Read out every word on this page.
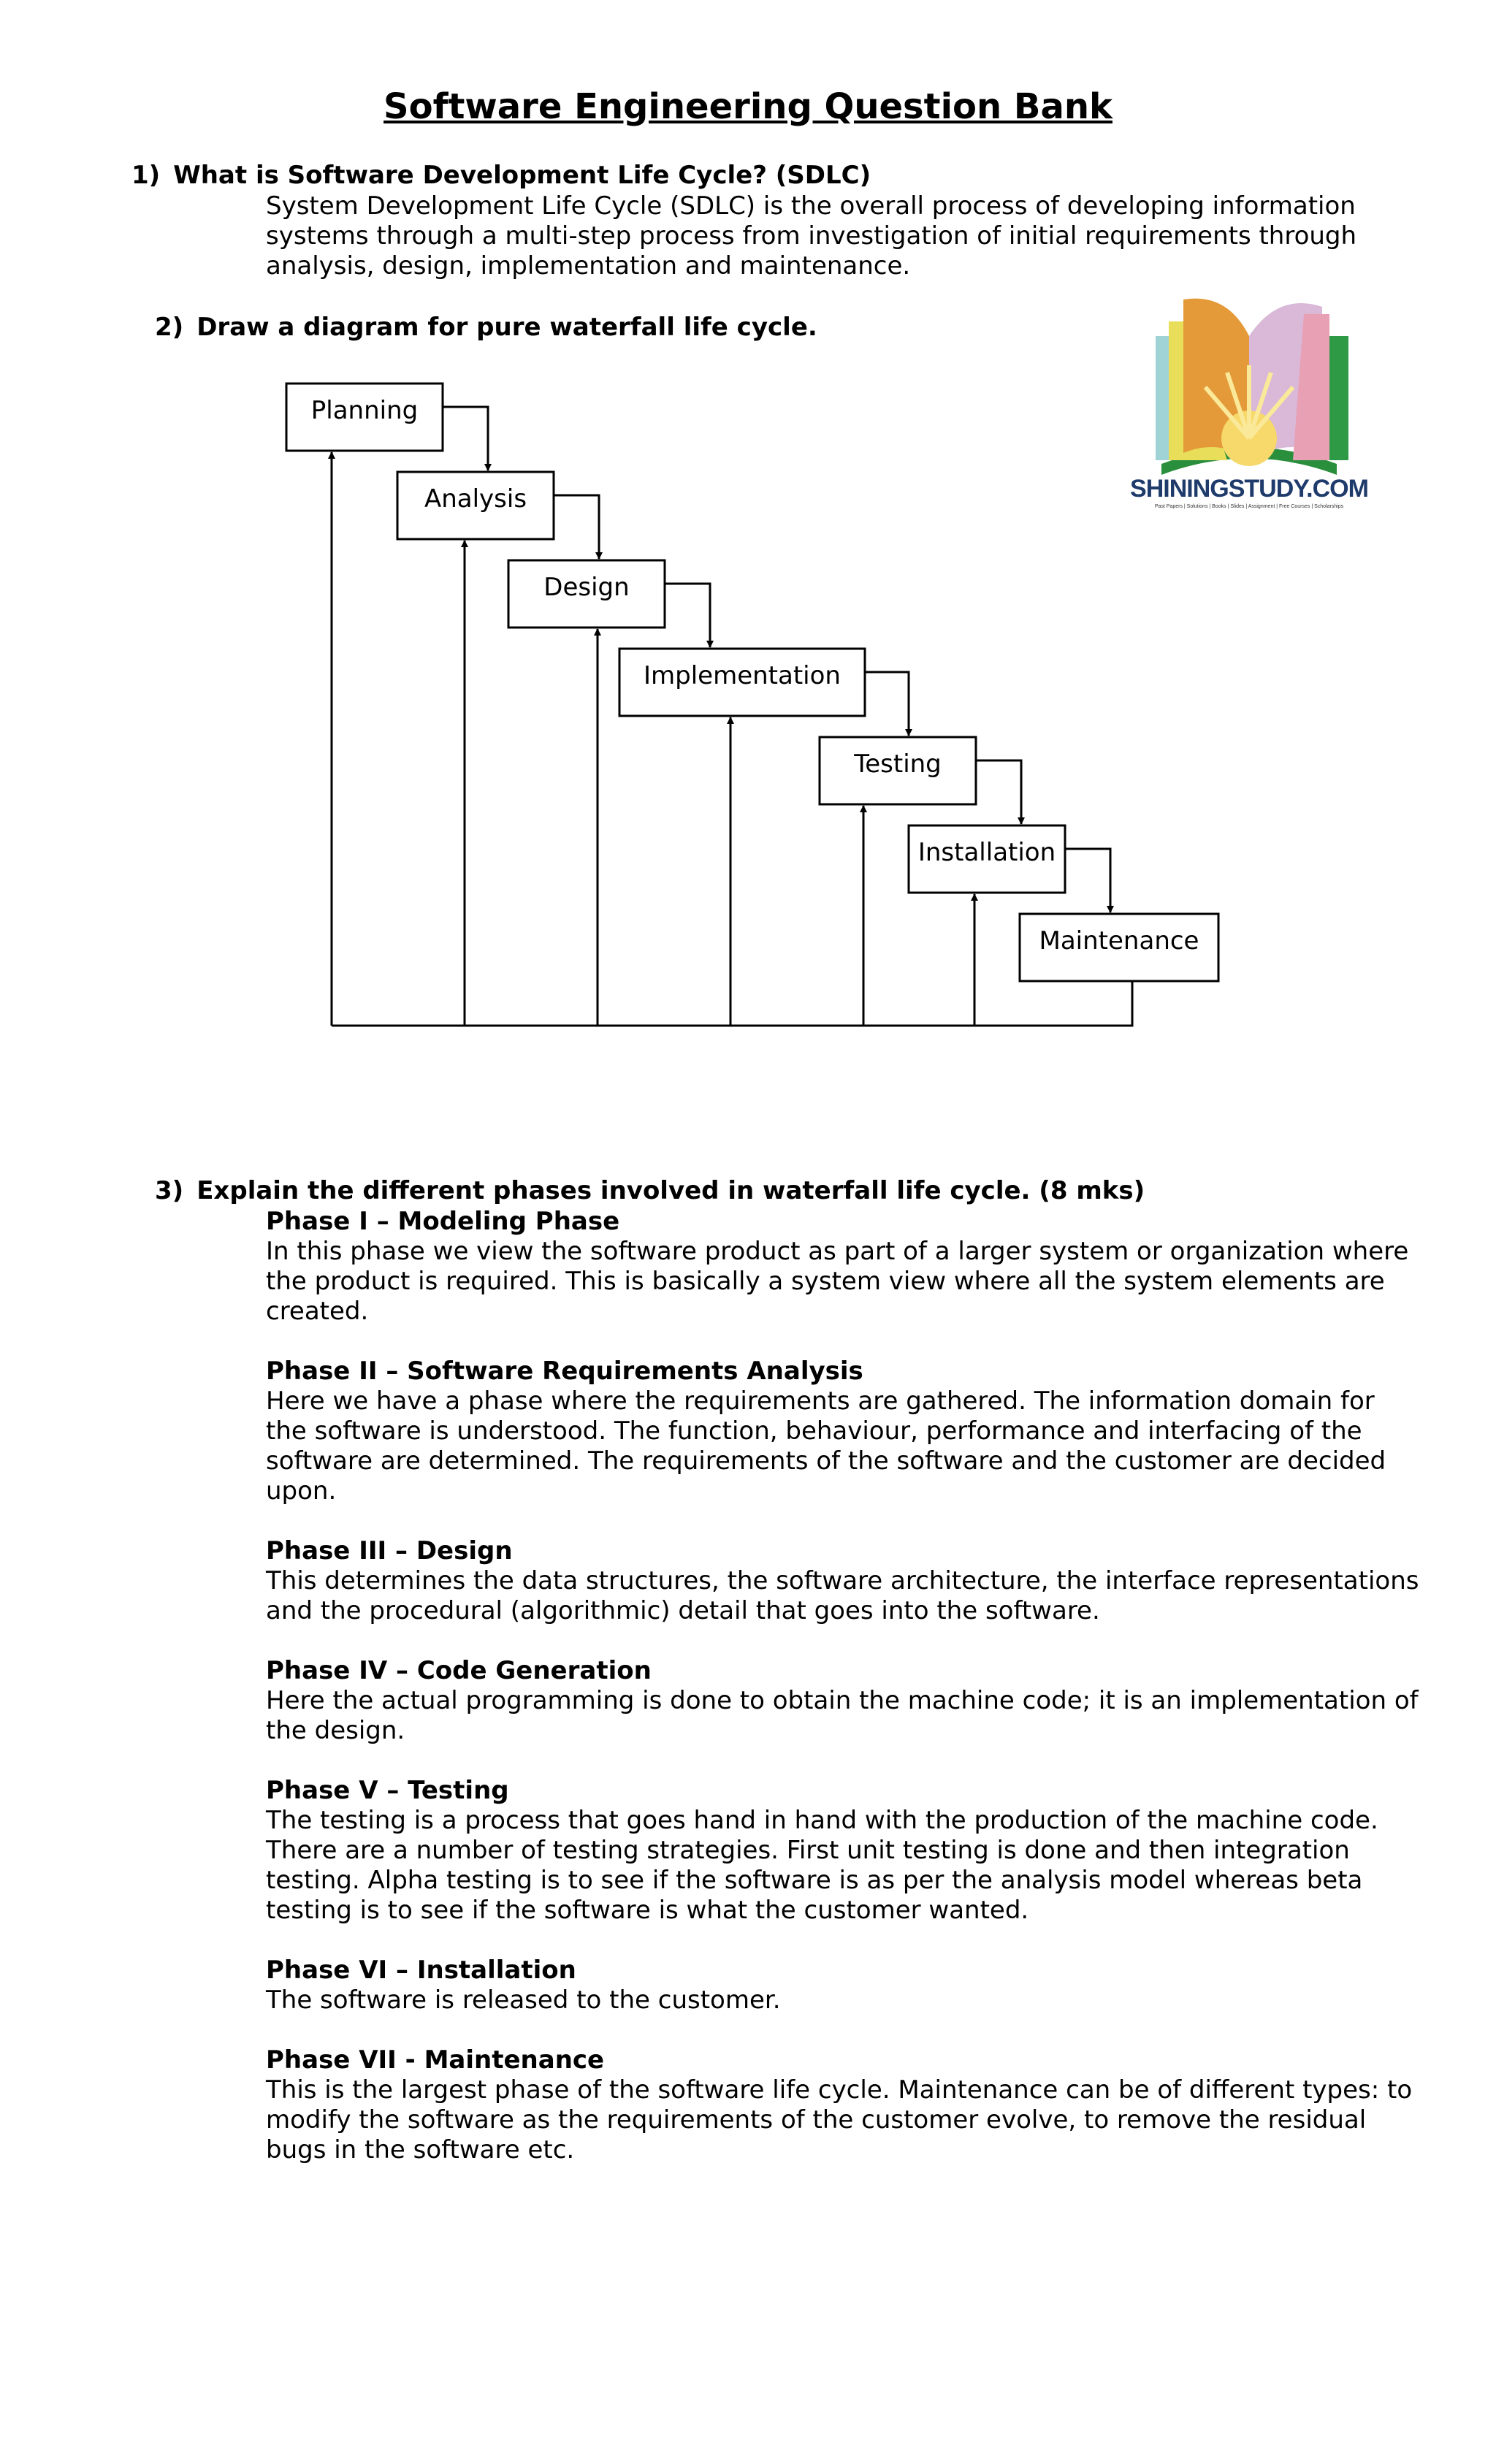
Software Engineering Question Bank
1) What is Software Development Life Cycle? (SDLC)

System Development Life Cycle (SDLC) is the overall process of developing information systems through a multi-step process from investigation of initial requirements through analysis, design, implementation and maintenance.

2) Draw a diagram for pure waterfall life cycle.
Planning
Analysis
Design
Implementation
Testing
Installation
Maintenance
SHININGSTUDY.COM
Past Papers | Solutions | Books | Slides | Assignment | Free Courses | Scholarships
3) Explain the different phases involved in waterfall life cycle. (8 mks)
Phase I – Modeling Phase
In this phase we view the software product as part of a larger system or organization where the product is required. This is basically a system view where all the system elements are created.
Phase II – Software Requirements Analysis
Here we have a phase where the requirements are gathered. The information domain for the software is understood. The function, behaviour, performance and interfacing of the software are determined. The requirements of the software and the customer are decided upon.
Phase III – Design
This determines the data structures, the software architecture, the interface representations and the procedural (algorithmic) detail that goes into the software.
Phase IV – Code Generation
Here the actual programming is done to obtain the machine code; it is an implementation of the design.
Phase V – Testing
The testing is a process that goes hand in hand with the production of the machine code. There are a number of testing strategies. First unit testing is done and then integration testing. Alpha testing is to see if the software is as per the analysis model whereas beta testing is to see if the software is what the customer wanted.
Phase VI – Installation
The software is released to the customer.
Phase VII - Maintenance
This is the largest phase of the software life cycle. Maintenance can be of different types: to modify the software as the requirements of the customer evolve, to remove the residual bugs in the software etc.
